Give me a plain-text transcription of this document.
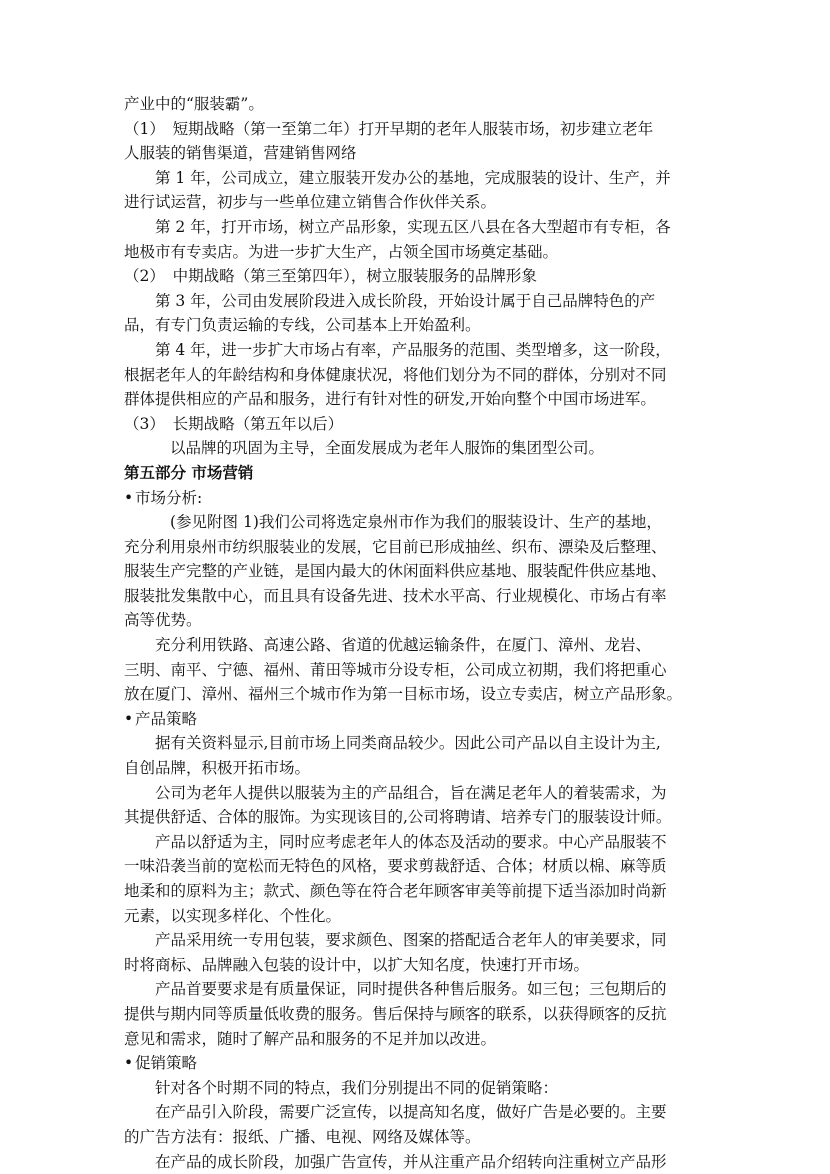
产业中的“服装霸”。

（1）　短期战略（第一至第二年）打开早期的老年人服装市场，初步建立老年

人服装的销售渠道，营建销售网络

第 1 年，公司成立，建立服装开发办公的基地，完成服装的设计、生产，并

进行试运营，初步与一些单位建立销售合作伙伴关系。

第 2 年，打开市场，树立产品形象，实现五区八县在各大型超市有专柜，各

地极市有专卖店。为进一步扩大生产，占领全国市场奠定基础。

（2）　中期战略（第三至第四年），树立服装服务的品牌形象

第 3 年，公司由发展阶段进入成长阶段，开始设计属于自己品牌特色的产

品，有专门负责运输的专线，公司基本上开始盈利。

第 4 年，进一步扩大市场占有率，产品服务的范围、类型增多，这一阶段，

根据老年人的年龄结构和身体健康状况，将他们划分为不同的群体，分别对不同

群体提供相应的产品和服务，进行有针对性的研发,开始向整个中国市场进军。

（3）　长期战略（第五年以后）

以品牌的巩固为主导，全面发展成为老年人服饰的集团型公司。

第五部分 市场营销

• 市场分析:

(参见附图 1)我们公司将选定泉州市作为我们的服装设计、生产的基地，

充分利用泉州市纺织服装业的发展，它目前已形成抽丝、织布、漂染及后整理、

服装生产完整的产业链，是国内最大的休闲面料供应基地、服装配件供应基地、

服装批发集散中心，而且具有设备先进、技术水平高、行业规模化、市场占有率

高等优势。

充分利用铁路、高速公路、省道的优越运输条件，在厦门、漳州、龙岩、

三明、南平、宁德、福州、莆田等城市分设专柜，公司成立初期，我们将把重心

放在厦门、漳州、福州三个城市作为第一目标市场，设立专卖店，树立产品形象。

• 产品策略

据有关资料显示,目前市场上同类商品较少。因此公司产品以自主设计为主,

自创品牌，积极开拓市场。

公司为老年人提供以服装为主的产品组合，旨在满足老年人的着装需求，为

其提供舒适、合体的服饰。为实现该目的,公司将聘请、培养专门的服装设计师。

产品以舒适为主，同时应考虑老年人的体态及活动的要求。中心产品服装不

一味沿袭当前的宽松而无特色的风格，要求剪裁舒适、合体；材质以棉、麻等质

地柔和的原料为主；款式、颜色等在符合老年顾客审美等前提下适当添加时尚新

元素，以实现多样化、个性化。

产品采用统一专用包装，要求颜色、图案的搭配适合老年人的审美要求，同

时将商标、品牌融入包装的设计中，以扩大知名度，快速打开市场。

产品首要要求是有质量保证，同时提供各种售后服务。如三包；三包期后的

提供与期内同等质量低收费的服务。售后保持与顾客的联系，以获得顾客的反抗

意见和需求，随时了解产品和服务的不足并加以改进。

• 促销策略

针对各个时期不同的特点，我们分别提出不同的促销策略：

在产品引入阶段，需要广泛宣传，以提高知名度，做好广告是必要的。主要

的广告方法有：报纸、广播、电视、网络及媒体等。

在产品的成长阶段，加强广告宣传，并从注重产品介绍转向注重树立产品形
